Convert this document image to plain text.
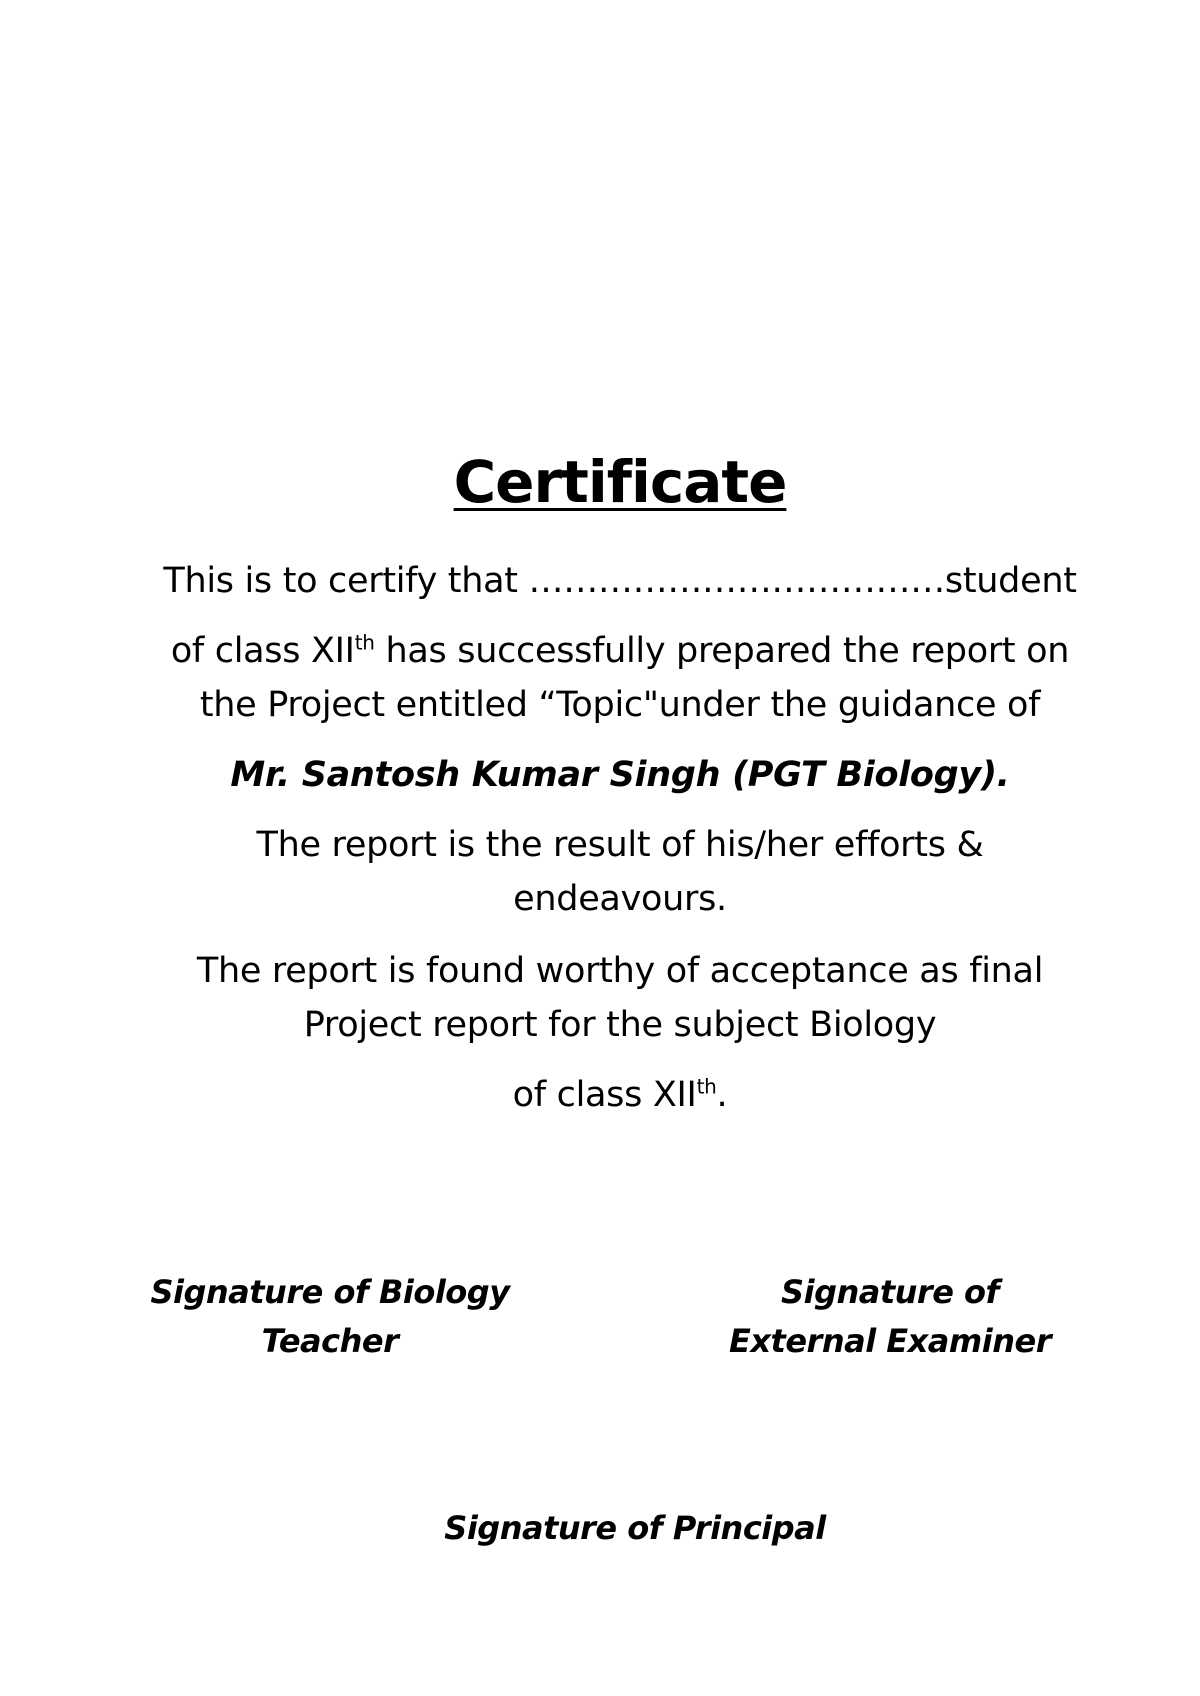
Certificate

This is to certify that ………………………………student

of class XIIth has successfully prepared the report on
the Project entitled “Topic"under the guidance of

Mr. Santosh Kumar Singh (PGT Biology).

The report is the result of his/her efforts &
endeavours.

The report is found worthy of acceptance as final
Project report for the subject Biology

of class XIIth.

Signature of Biology
Teacher

Signature of
External Examiner

Signature of Principal
